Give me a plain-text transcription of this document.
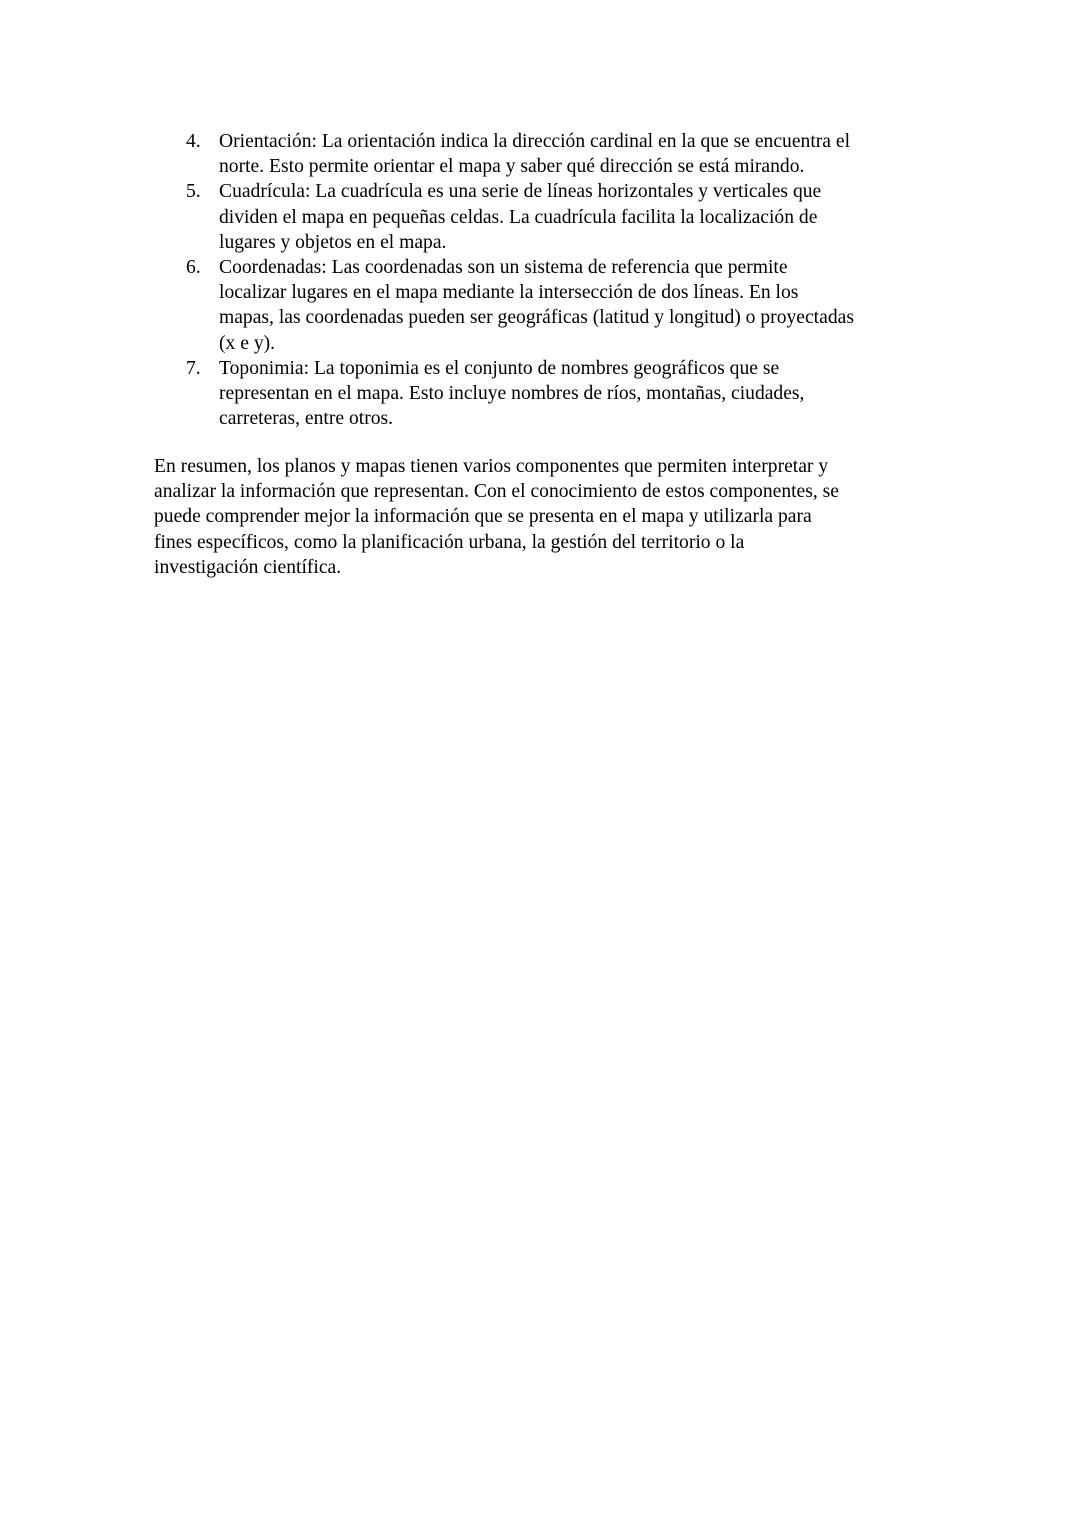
4. Orientación: La orientación indica la dirección cardinal en la que se encuentra el
norte. Esto permite orientar el mapa y saber qué dirección se está mirando.
5. Cuadrícula: La cuadrícula es una serie de líneas horizontales y verticales que
dividen el mapa en pequeñas celdas. La cuadrícula facilita la localización de
lugares y objetos en el mapa.
6. Coordenadas: Las coordenadas son un sistema de referencia que permite
localizar lugares en el mapa mediante la intersección de dos líneas. En los
mapas, las coordenadas pueden ser geográficas (latitud y longitud) o proyectadas
(x e y).
7. Toponimia: La toponimia es el conjunto de nombres geográficos que se
representan en el mapa. Esto incluye nombres de ríos, montañas, ciudades,
carreteras, entre otros.

En resumen, los planos y mapas tienen varios componentes que permiten interpretar y
analizar la información que representan. Con el conocimiento de estos componentes, se
puede comprender mejor la información que se presenta en el mapa y utilizarla para
fines específicos, como la planificación urbana, la gestión del territorio o la
investigación científica.
